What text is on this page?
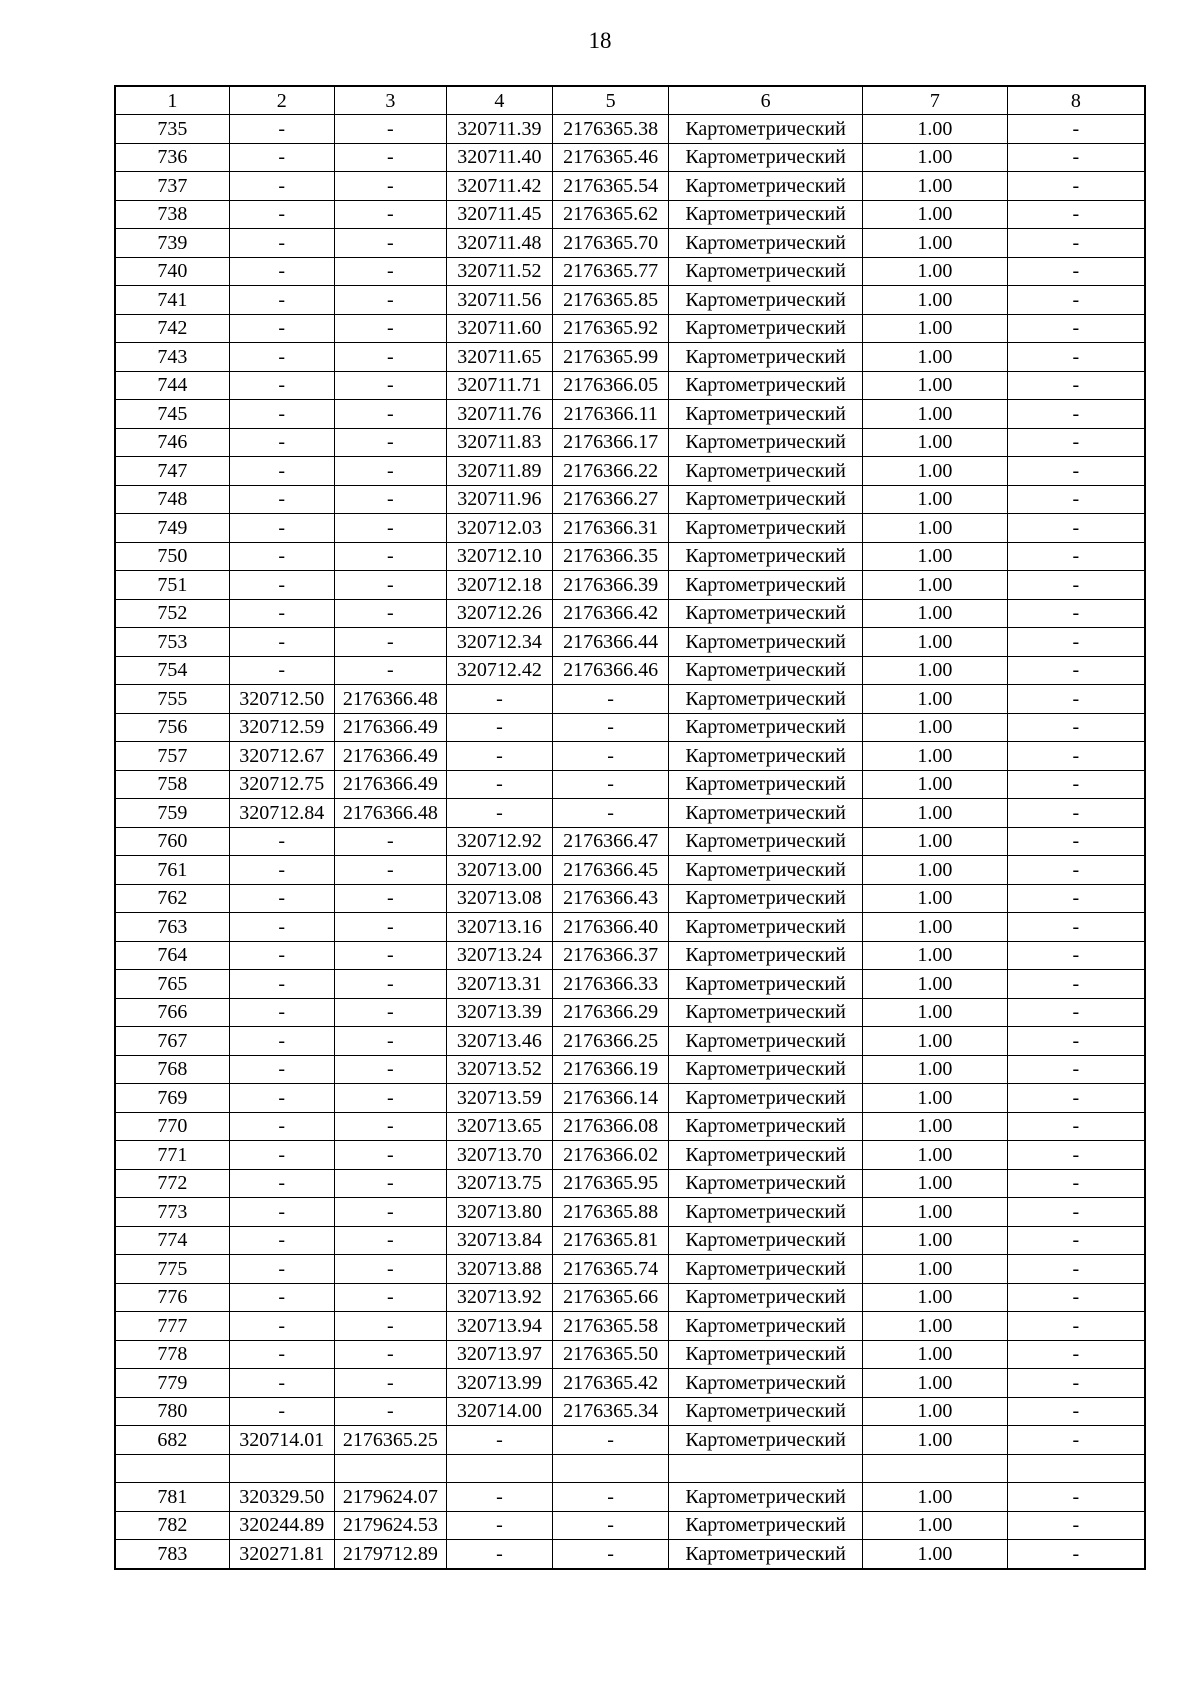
18
1	2	3	4	5	6	7	8
735	-	-	320711.39	2176365.38	Картометрический	1.00	-
736	-	-	320711.40	2176365.46	Картометрический	1.00	-
737	-	-	320711.42	2176365.54	Картометрический	1.00	-
738	-	-	320711.45	2176365.62	Картометрический	1.00	-
739	-	-	320711.48	2176365.70	Картометрический	1.00	-
740	-	-	320711.52	2176365.77	Картометрический	1.00	-
741	-	-	320711.56	2176365.85	Картометрический	1.00	-
742	-	-	320711.60	2176365.92	Картометрический	1.00	-
743	-	-	320711.65	2176365.99	Картометрический	1.00	-
744	-	-	320711.71	2176366.05	Картометрический	1.00	-
745	-	-	320711.76	2176366.11	Картометрический	1.00	-
746	-	-	320711.83	2176366.17	Картометрический	1.00	-
747	-	-	320711.89	2176366.22	Картометрический	1.00	-
748	-	-	320711.96	2176366.27	Картометрический	1.00	-
749	-	-	320712.03	2176366.31	Картометрический	1.00	-
750	-	-	320712.10	2176366.35	Картометрический	1.00	-
751	-	-	320712.18	2176366.39	Картометрический	1.00	-
752	-	-	320712.26	2176366.42	Картометрический	1.00	-
753	-	-	320712.34	2176366.44	Картометрический	1.00	-
754	-	-	320712.42	2176366.46	Картометрический	1.00	-
755	320712.50	2176366.48	-	-	Картометрический	1.00	-
756	320712.59	2176366.49	-	-	Картометрический	1.00	-
757	320712.67	2176366.49	-	-	Картометрический	1.00	-
758	320712.75	2176366.49	-	-	Картометрический	1.00	-
759	320712.84	2176366.48	-	-	Картометрический	1.00	-
760	-	-	320712.92	2176366.47	Картометрический	1.00	-
761	-	-	320713.00	2176366.45	Картометрический	1.00	-
762	-	-	320713.08	2176366.43	Картометрический	1.00	-
763	-	-	320713.16	2176366.40	Картометрический	1.00	-
764	-	-	320713.24	2176366.37	Картометрический	1.00	-
765	-	-	320713.31	2176366.33	Картометрический	1.00	-
766	-	-	320713.39	2176366.29	Картометрический	1.00	-
767	-	-	320713.46	2176366.25	Картометрический	1.00	-
768	-	-	320713.52	2176366.19	Картометрический	1.00	-
769	-	-	320713.59	2176366.14	Картометрический	1.00	-
770	-	-	320713.65	2176366.08	Картометрический	1.00	-
771	-	-	320713.70	2176366.02	Картометрический	1.00	-
772	-	-	320713.75	2176365.95	Картометрический	1.00	-
773	-	-	320713.80	2176365.88	Картометрический	1.00	-
774	-	-	320713.84	2176365.81	Картометрический	1.00	-
775	-	-	320713.88	2176365.74	Картометрический	1.00	-
776	-	-	320713.92	2176365.66	Картометрический	1.00	-
777	-	-	320713.94	2176365.58	Картометрический	1.00	-
778	-	-	320713.97	2176365.50	Картометрический	1.00	-
779	-	-	320713.99	2176365.42	Картометрический	1.00	-
780	-	-	320714.00	2176365.34	Картометрический	1.00	-
682	320714.01	2176365.25	-	-	Картометрический	1.00	-

781	320329.50	2179624.07	-	-	Картометрический	1.00	-
782	320244.89	2179624.53	-	-	Картометрический	1.00	-
783	320271.81	2179712.89	-	-	Картометрический	1.00	-
